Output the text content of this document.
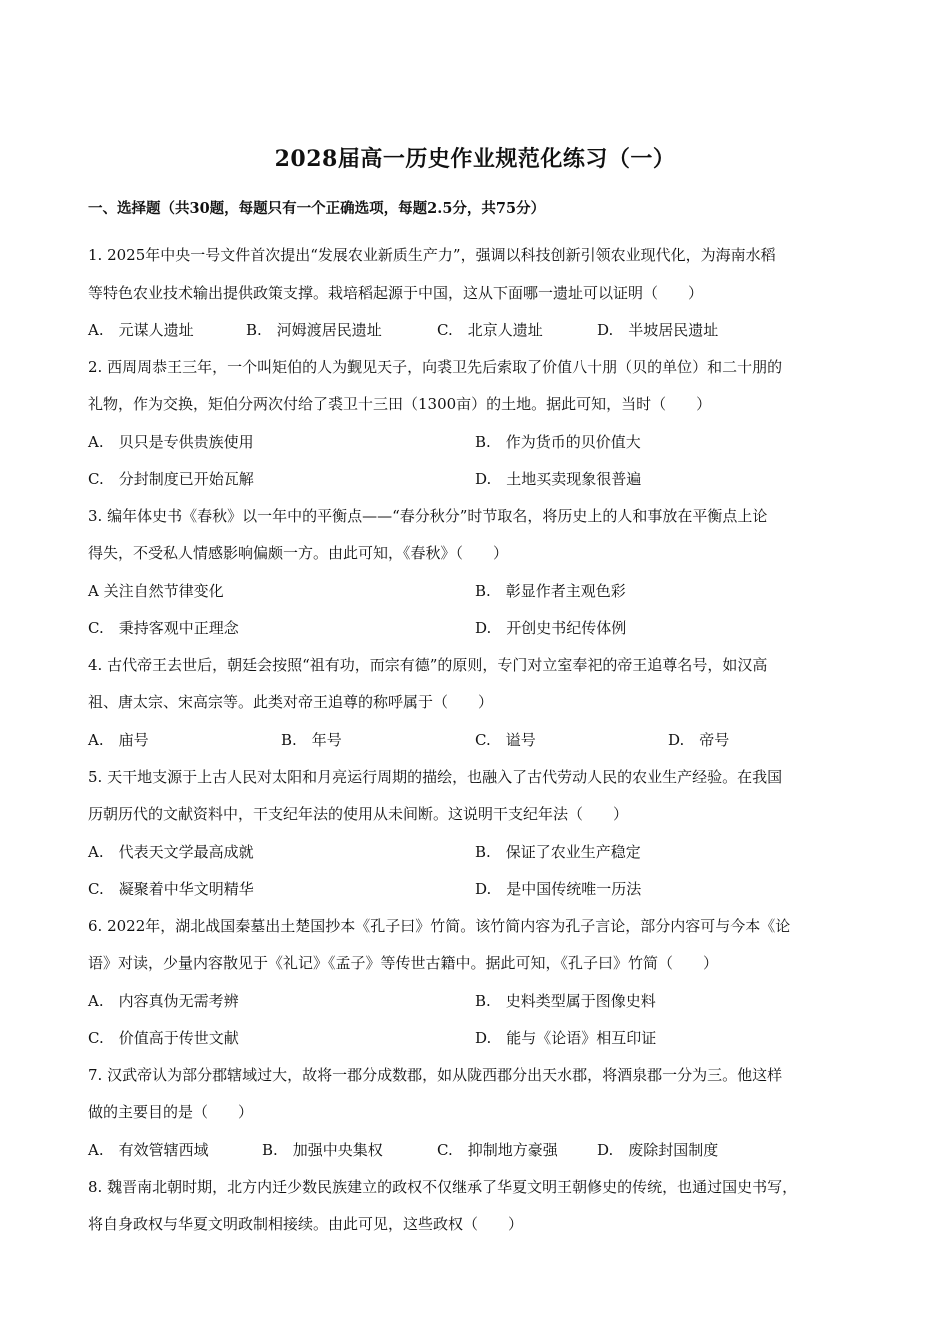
2028届高一历史作业规范化练习（一）
一、选择题（共30题，每题只有一个正确选项，每题2.5分，共75分）
1. 2025年中央一号文件首次提出“发展农业新质生产力”，强调以科技创新引领农业现代化，为海南水稻
等特色农业技术输出提供政策支撑。栽培稻起源于中国，这从下面哪一遗址可以证明（　　）
A.　元谋人遗址	B.　河姆渡居民遗址	C.　北京人遗址	D.　半坡居民遗址
2. 西周周恭王三年，一个叫矩伯的人为觐见天子，向裘卫先后索取了价值八十朋（贝的单位）和二十朋的
礼物，作为交换，矩伯分两次付给了裘卫十三田（1300亩）的土地。据此可知，当时（　　）
A.　贝只是专供贵族使用	B.　作为货币的贝价值大
C.　分封制度已开始瓦解	D.　土地买卖现象很普遍
3. 编年体史书《春秋》以一年中的平衡点——“春分秋分”时节取名，将历史上的人和事放在平衡点上论
得失，不受私人情感影响偏颇一方。由此可知，《春秋》（　　）
A 关注自然节律变化	B.　彰显作者主观色彩
C.　秉持客观中正理念	D.　开创史书纪传体例
4. 古代帝王去世后，朝廷会按照“祖有功，而宗有德”的原则，专门对立室奉祀的帝王追尊名号，如汉高
祖、唐太宗、宋高宗等。此类对帝王追尊的称呼属于（　　）
A.　庙号	B.　年号	C.　谥号	D.　帝号
5. 天干地支源于上古人民对太阳和月亮运行周期的描绘，也融入了古代劳动人民的农业生产经验。在我国
历朝历代的文献资料中，干支纪年法的使用从未间断。这说明干支纪年法（　　）
A.　代表天文学最高成就	B.　保证了农业生产稳定
C.　凝聚着中华文明精华	D.　是中国传统唯一历法
6. 2022年，湖北战国秦墓出土楚国抄本《孔子曰》竹简。该竹简内容为孔子言论，部分内容可与今本《论
语》对读，少量内容散见于《礼记》《孟子》等传世古籍中。据此可知，《孔子曰》竹简（　　）
A.　内容真伪无需考辨	B.　史料类型属于图像史料
C.　价值高于传世文献	D.　能与《论语》相互印证
7. 汉武帝认为部分郡辖域过大，故将一郡分成数郡，如从陇西郡分出天水郡，将酒泉郡一分为三。他这样
做的主要目的是（　　）
A.　有效管辖西域	B.　加强中央集权	C.　抑制地方豪强	D.　废除封国制度
8. 魏晋南北朝时期，北方内迁少数民族建立的政权不仅继承了华夏文明王朝修史的传统，也通过国史书写，
将自身政权与华夏文明政制相接续。由此可见，这些政权（　　）
